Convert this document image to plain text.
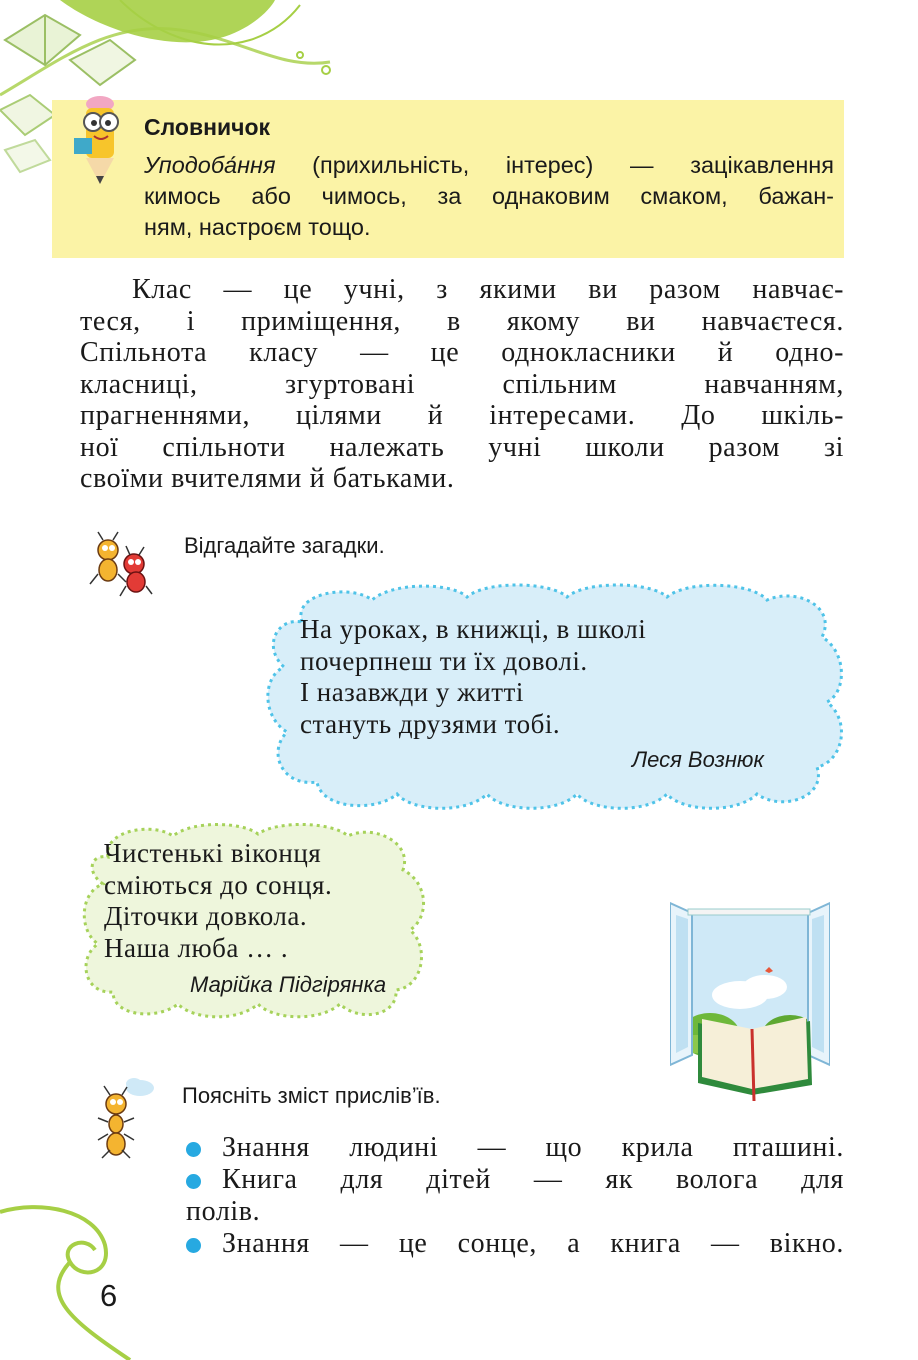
Словничок
Уподоба́ння (прихильність, інтерес) — зацікавлення
кимось або чимось, за однаковим смаком, бажан-
ням, настроєм тощо.
Клас — це учні, з якими ви разом навчає-
теся, і приміщення, в якому ви навчаєтеся.
Спільнота класу — це однокласники й одно-
класниці, згуртовані спільним навчанням,
прагненнями, цілями й інтересами. До шкіль-
ної спільноти належать учні школи разом зі
своїми вчителями й батьками.
Відгадайте загадки.
На уроках, в книжці, в школі
почерпнеш ти їх доволі.
І назавжди у житті
стануть друзями тобі.
Леся Вознюк
Чистенькі віконця
сміються до сонця.
Діточки довкола.
Наша люба … .
Марійка Підгірянка
Поясніть зміст прислів’їв.
Знання людині — що крила пташині.
Книга для дітей — як волога для
полів.
Знання — це сонце, а книга — вікно.
6
